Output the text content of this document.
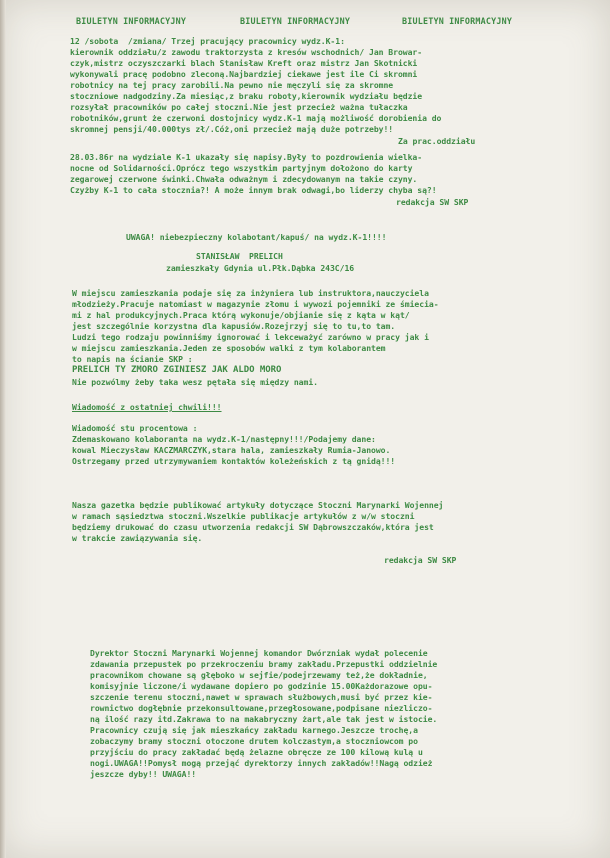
BIULETYN INFORMACYJNY	BIULETYN INFORMACYJNY	BIULETYN INFORMACYJNY
12 /sobota  /zmiana/ Trzej pracujący pracownicy wydz.K-1:
kierownik oddziału/z zawodu traktorzysta z kresów wschodnich/ Jan Browar-
czyk,mistrz oczyszczarki blach Stanisław Kreft oraz mistrz Jan Skotnicki
wykonywali pracę podobno zleconą.Najbardziej ciekawe jest ile Ci skromni
robotnicy na tej pracy zarobili.Na pewno nie męczyli się za skromne
stoczniowe nadgodziny.Za miesiąc,z braku roboty,kierownik wydziału będzie
rozsyłał pracowników po całej stoczni.Nie jest przecież ważna tułaczka
robotników,grunt że czerwoni dostojnicy wydz.K-1 mają możliwość dorobienia do
skromnej pensji/40.000tys zł/.Cóż,oni przecież mają duże potrzeby!!
Za prac.oddziału
28.03.86r na wydziale K-1 ukazały się napisy.Były to pozdrowienia wielka-
nocne od Solidarności.Oprócz tego wszystkim partyjnym dołożono do karty
zegarowej czerwone świnki.Chwała odważnym i zdecydowanym na takie czyny.
Czyżby K-1 to cała stocznia?! A może innym brak odwagi,bo liderzy chyba są?!
redakcja SW SKP
UWAGA! niebezpieczny kolabotant/kapuś/ na wydz.K-1!!!!
STANISŁAW  PRELICH
zamieszkały Gdynia ul.Płk.Dąbka 243C/16
W miejscu zamieszkania podaje się za inżyniera lub instruktora,nauczyciela
młodzieży.Pracuje natomiast w magazynie złomu i wywozi pojemniki ze śmiecia-
mi z hal produkcyjnych.Praca którą wykonuje/objianie się z kąta w kąt/
jest szczególnie korzystna dla kapusiów.Rozejrzyj się to tu,to tam.
Ludzi tego rodzaju powinniśmy ignorować i lekceważyć zarówno w pracy jak i
w miejscu zamieszkania.Jeden ze sposobów walki z tym kolaborantem
to napis na ścianie SKP :
PRELICH TY ZMORO ZGINIESZ JAK ALDO MORO
Nie pozwólmy żeby taka wesz pętała się między nami.
Wiadomość z ostatniej chwili!!!
Wiadomość stu procentowa :
Zdemaskowano kolaboranta na wydz.K-1/następny!!!/Podajemy dane:
kowal Mieczysław KACZMARCZYK,stara hala, zamieszkały Rumia-Janowo.
Ostrzegamy przed utrzymywaniem kontaktów koleżeńskich z tą gnidą!!!
Nasza gazetka będzie publikować artykuły dotyczące Stoczni Marynarki Wojennej
w ramach sąsiedztwa stoczni.Wszelkie publikacje artykułów z w/w stoczni
będziemy drukować do czasu utworzenia redakcji SW Dąbrowszczaków,która jest
w trakcie zawiązywania się.
redakcja SW SKP
Dyrektor Stoczni Marynarki Wojennej komandor Dwórzniak wydał polecenie
zdawania przepustek po przekroczeniu bramy zakładu.Przepustki oddzielnie
pracownikom chowane są głęboko w sejfie/podejrzewamy też,że dokładnie,
komisyjnie liczone/i wydawane dopiero po godzinie 15.00Każdorazowe opu-
szczenie terenu stoczni,nawet w sprawach służbowych,musi być przez kie-
rownictwo dogłębnie przekonsultowane,przegłosowane,podpisane niezliczo-
ną ilość razy itd.Zakrawa to na makabryczny żart,ale tak jest w istocie.
Pracownicy czują się jak mieszkańcy zakładu karnego.Jeszcze trochę,a
zobaczymy bramy stoczni otoczone drutem kolczastym,a stoczniowcom po
przyjściu do pracy zakładać będą żelazne obręcze ze 100 kilową kulą u
nogi.UWAGA!!Pomysł mogą przejąć dyrektorzy innych zakładów!!Nagą odzież
jeszcze dyby!! UWAGA!!
